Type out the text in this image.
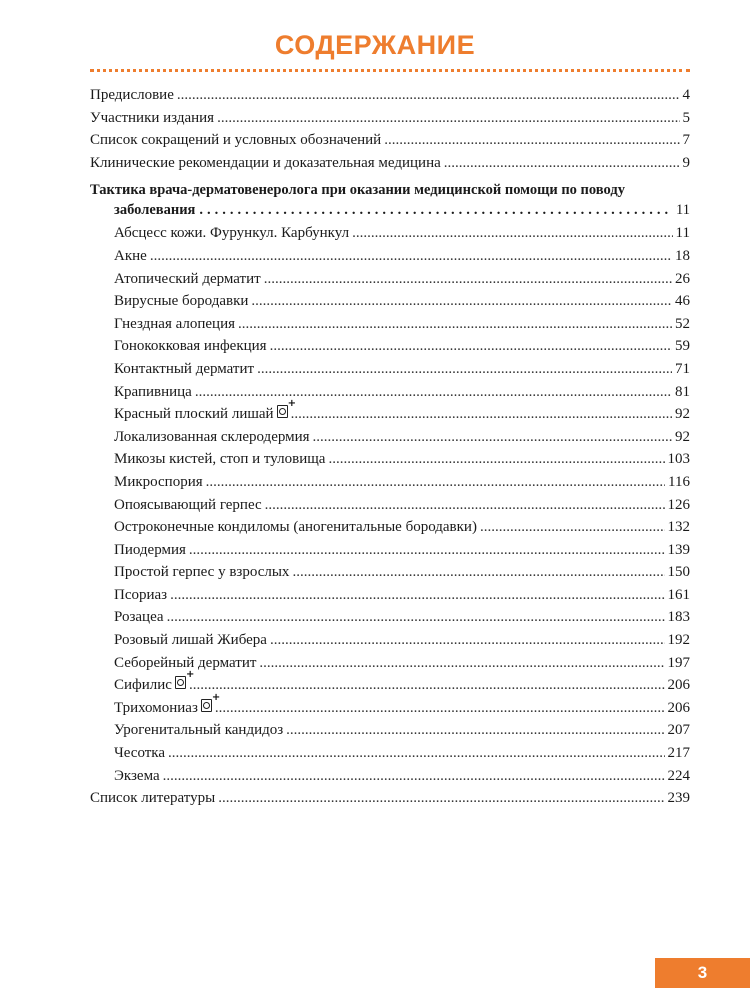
СОДЕРЖАНИЕ
Предисловие .....	4
Участники издания .....	5
Список сокращений и условных обозначений .....	7
Клинические рекомендации и доказательная медицина .....	9
Тактика врача-дерматовенеролога при оказании медицинской помощи по поводу
заболевания .....	11
Абсцесс кожи. Фурункул. Карбункул .....	11
Акне .....	18
Атопический дерматит .....	26
Вирусные бородавки .....	46
Гнездная алопеция .....	52
Гонококковая инфекция .....	59
Контактный дерматит .....	71
Крапивница .....	81
Красный плоский лишай + .....	92
Локализованная склеродермия .....	92
Микозы кистей, стоп и туловища .....	103
Микроспория .....	116
Опоясывающий герпес .....	126
Остроконечные кондиломы (аногенитальные бородавки) .....	132
Пиодермия .....	139
Простой герпес у взрослых .....	150
Псориаз .....	161
Розацеа .....	183
Розовый лишай Жибера .....	192
Себорейный дерматит .....	197
Сифилис + .....	206
Трихомониаз + .....	206
Урогенитальный кандидоз .....	207
Чесотка .....	217
Экзема .....	224
Список литературы .....	239
3
